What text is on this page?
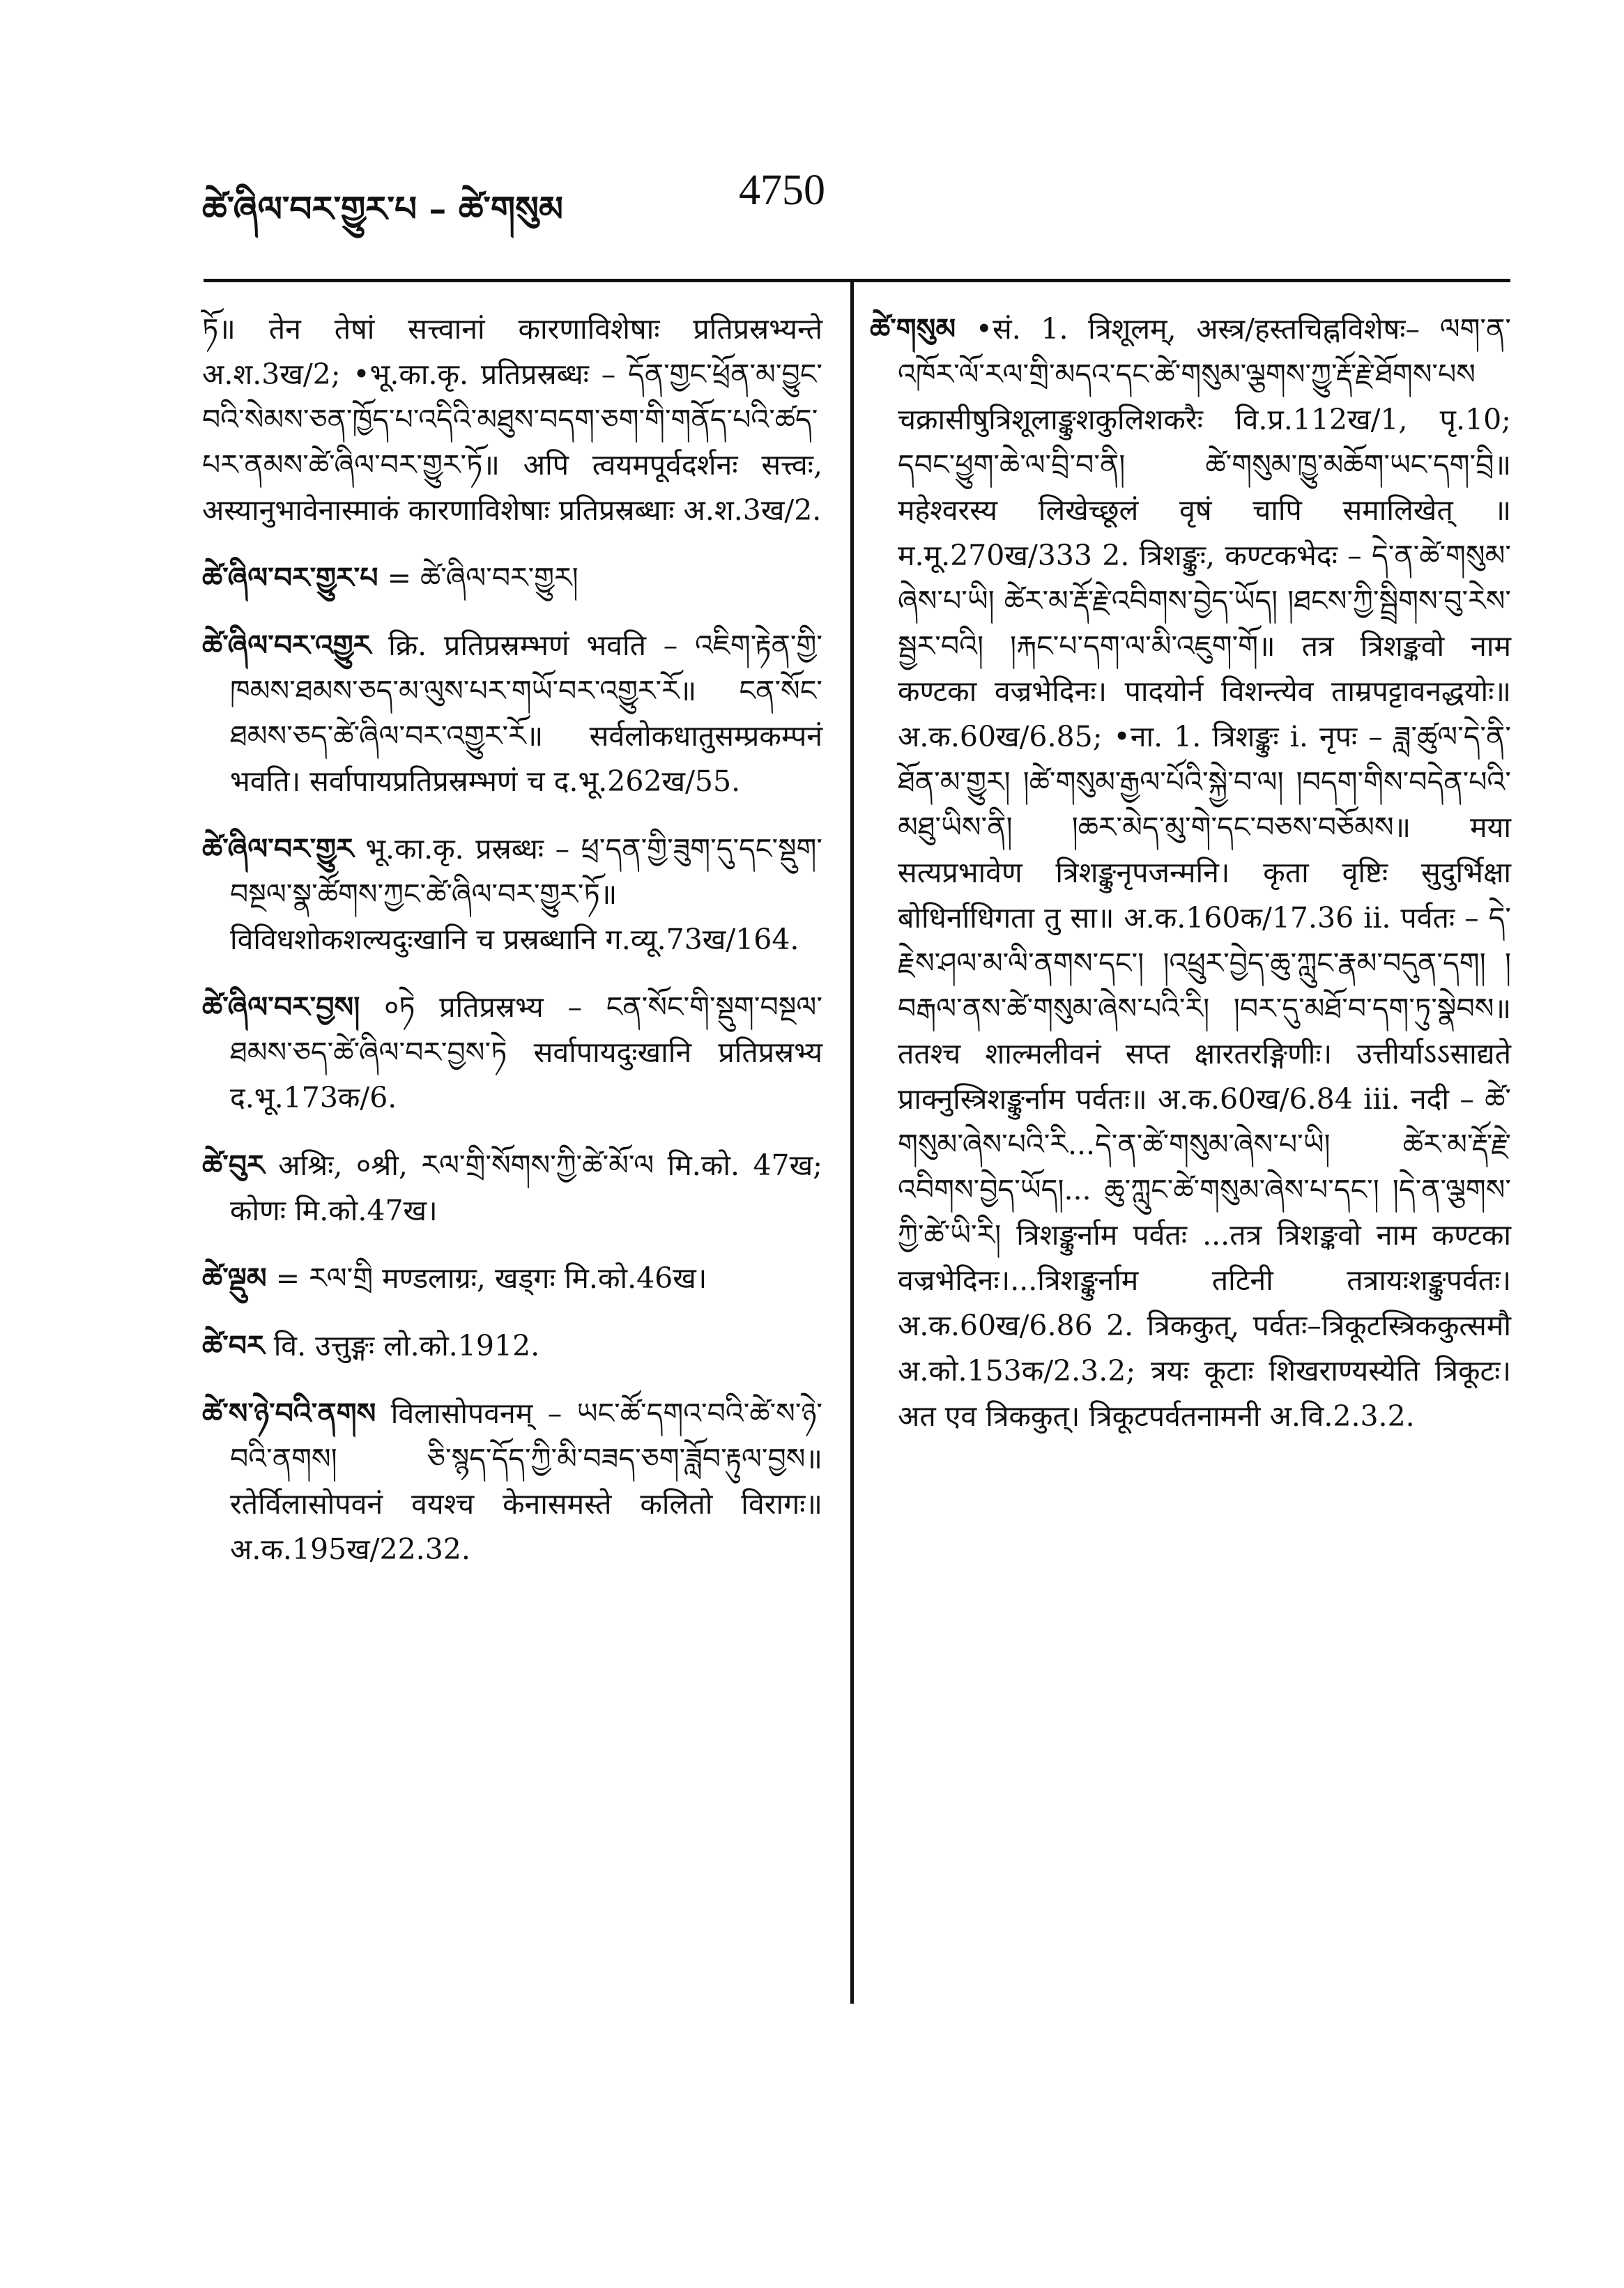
ཚེ་ཞིལ་བར་གྱུར་པ – ཚེ་གསུམ	4750

ཏོ॥ तेन तेषां सत्त्वानां कारणाविशेषाः प्रतिप्रस्रभ्यन्ते अ.श.3ख/2; •भू.का.कृ. प्रतिप्रस्रब्धः – དོན་གྱང་ཕྲོན་མ་བྱུང་བའི་སེམས་ཅན་ཁྱོད་པ་འདིའི་མཐུས་བདག་ཅག་གི་གནོད་པའི་ཚད་པར་ནམས་ཚེ་ཞིལ་བར་གྱུར་ཏོ॥ अपि त्वयमपूर्वदर्शनः सत्त्वः, अस्यानुभावेनास्माकं कारणाविशेषाः प्रतिप्रस्रब्धाः अ.श.3ख/2.

ཚེ་ཞིལ་བར་གྱུར་པ = ཚེ་ཞིལ་བར་གྱུར།

ཚེ་ཞིལ་བར་འགྱུར क्रि. प्रतिप्रस्रम्भणं भवति – འཇིག་རྟེན་གྱི་ཁམས་ཐམས་ཅད་མ་ལུས་པར་གཡོ་བར་འགྱུར་རོ॥ ངན་སོང་ཐམས་ཅད་ཚེ་ཞིལ་བར་འགྱུར་རོ॥ सर्वलोकधातुसम्प्रकम्पनं भवति। सर्वापायप्रतिप्रस्रम्भणं च द.भू.262ख/55.

ཚེ་ཞིལ་བར་གྱུར भू.का.कृ. प्रस्रब्धः – ཕྲ་དན་གྱི་ཟུག་དུ་དང་སྡུག་བསྔལ་སྣ་ཚོགས་ཀྱང་ཚེ་ཞིལ་བར་གྱུར་ཏོ॥ विविधशोकशल्यदुःखानि च प्रस्रब्धानि ग.व्यू.73ख/164.

ཚེ་ཞིལ་བར་བྱས། ०ཏེ प्रतिप्रस्रभ्य – ངན་སོང་གི་སྡུག་བསྔལ་ཐམས་ཅད་ཚེ་ཞིལ་བར་བྱས་ཏེ सर्वापायदुःखानि प्रतिप्रस्रभ्य द.भू.173क/6.

ཚེ་བུར अश्रिः, ०श्री, རལ་གྲི་སོགས་ཀྱི་ཚེ་མོ་ལ मि.को. 47ख; कोणः मि.को.47ख।

ཚེ་ལྡུམ = རལ་གྲི मण्डलाग्रः, खड्गः मि.को.46ख।

ཚེ་བར वि. उत्तुङ्गः लो.को.1912.

ཚེ་ས་ཉེ་བའི་ནགས विलासोपवनम् – ཡང་ཚོ་དགའ་བའི་ཚེ་ས་ཉེ་བའི་ནགས། ཅི་སྙད་དོད་ཀྱི་མི་བཟད་ཅག་ཟློབ་རྟུལ་བྱས॥ रतेर्विलासोपवनं वयश्च केनासमस्ते कलितो विरागः॥ अ.क.195ख/22.32.

ཚེ་གསུམ •सं. 1. त्रिशूलम्, अस्त्र/हस्तचिह्नविशेषः– ལག་ན་འཁོར་ལོ་རལ་གྲི་མདའ་དང་ཚེ་གསུམ་ལྕགས་ཀྱུ་རྡོ་རྗེ་ཐོགས་པས चक्रासीषुत्रिशूलाङ्कुशकुलिशकरैः वि.प्र.112ख/1, पृ.10; དབང་ཕྱུག་ཆེ་ལ་བྲི་བ་ནི། ཚེ་གསུམ་ཁྱུ་མཆོག་ཡང་དག་བྲི॥ महेश्वरस्य लिखेच्छूलं वृषं चापि समालिखेत् ॥ म.मू.270ख/333 2. त्रिशङ्कुः, कण्टकभेदः – དེ་ན་ཚེ་གསུམ་ཞེས་པ་ཡི། ཚེར་མ་རྡོ་རྗེ་འབིགས་བྱེད་ཡོད། །ཐངས་ཀྱི་སྦྲིགས་བུ་རེས་སྦྱར་བའི། །རྐང་པ་དག་ལ་མི་འཇུག་གོ॥ तत्र त्रिशङ्कवो नाम कण्टका वज्रभेदिनः। पादयोर्न विशन्त्येव ताम्रपट्टावनद्धयोः॥ अ.क.60ख/6.85; •ना. 1. त्रिशङ्कुः i. नृपः – ཟླ་ཚུལ་དེ་ནི་ཐོན་མ་གྱུར། །ཚེ་གསུམ་རྒྱལ་པོའི་སྐྱེ་བ་ལ། །བདག་གིས་བདེན་པའི་མཐུ་ཡིས་ནི། །ཆར་མེད་མུ་གེ་དང་བཅས་བཅོམས॥ मया सत्यप्रभावेण त्रिशङ्कुनृपजन्मनि। कृता वृष्टिः सुदुर्भिक्षा बोधिर्नाधिगता तु सा॥ अ.क.160क/17.36 ii. पर्वतः – དེ་རྗེས་ཤལ་མ་ལི་ནགས་དང་། །འཕྲུར་བྱེད་ཆུ་ཀླུང་རྣམ་བདུན་དག། །བརྒལ་ནས་ཚེ་གསུམ་ཞེས་པའི་རི། །བར་དུ་མཐོ་བ་དག་ཏུ་སྣེབས॥ ततश्च शाल्मलीवनं सप्त क्षारतरङ्गिणीः। उत्तीर्याऽऽसाद्यते प्राक्नुस्त्रिशङ्कुर्नाम पर्वतः॥ अ.क.60ख/6.84 iii. नदी – ཚེ་གསུམ་ཞེས་པའི་རི...དེ་ན་ཚེ་གསུམ་ཞེས་པ་ཡི། ཚེར་མ་རྡོ་རྗེ་འབིགས་བྱེད་ཡོད།... ཆུ་ཀླུང་ཚེ་གསུམ་ཞེས་པ་དང་། །དེ་ན་ལྕགས་ཀྱི་ཚེ་ཡི་རི། त्रिशङ्कुर्नाम पर्वतः ...तत्र त्रिशङ्कवो नाम कण्टका वज्रभेदिनः।...त्रिशङ्कुर्नाम तटिनी तत्रायःशङ्कुपर्वतः। अ.क.60ख/6.86 2. त्रिककुत्, पर्वतः–त्रिकूटस्त्रिककुत्समौ अ.को.153क/2.3.2; त्रयः कूटाः शिखराण्यस्येति त्रिकूटः। अत एव त्रिककुत्। त्रिकूटपर्वतनामनी अ.वि.2.3.2.
